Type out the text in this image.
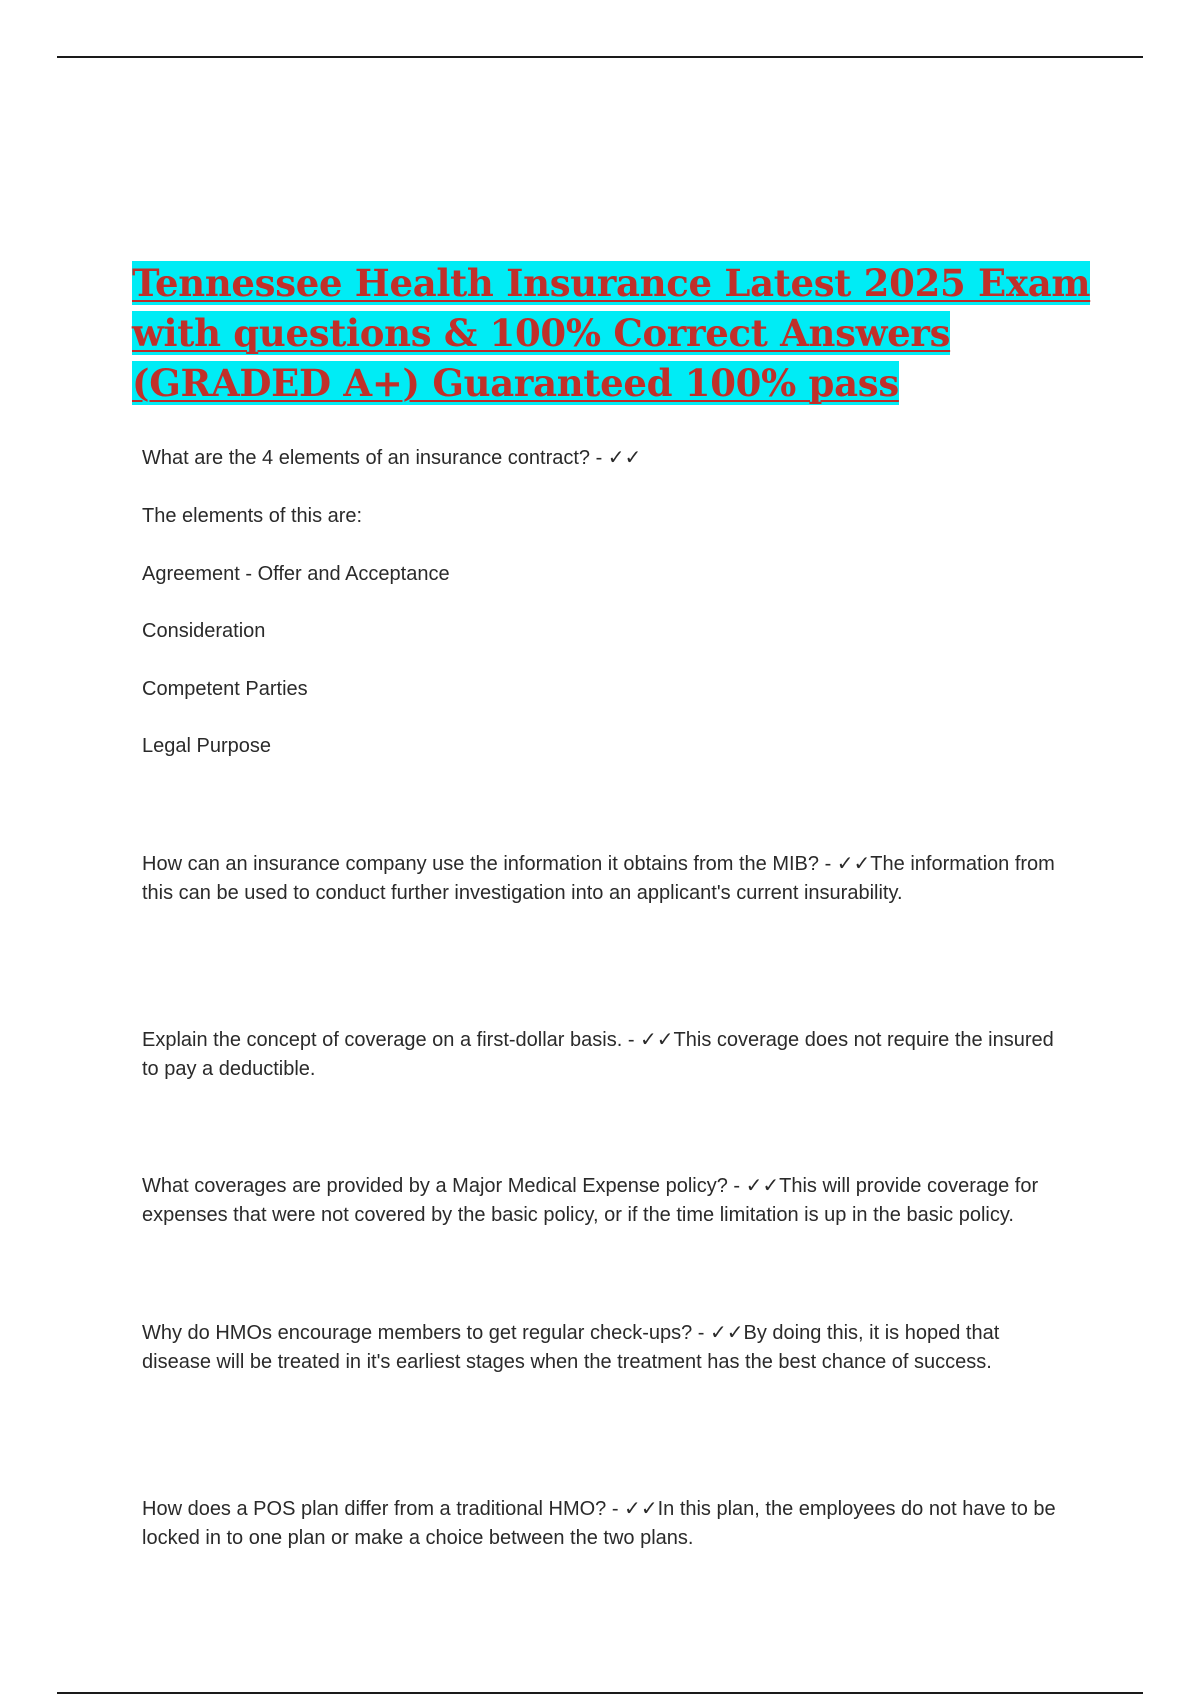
Tennessee Health Insurance Latest 2025 Exam
with questions & 100% Correct Answers
(GRADED A+) Guaranteed 100% pass

What are the 4 elements of an insurance contract? - ✓✓

The elements of this are:

Agreement - Offer and Acceptance

Consideration

Competent Parties

Legal Purpose

How can an insurance company use the information it obtains from the MIB? - ✓✓The information from this can be used to conduct further investigation into an applicant's current insurability.

Explain the concept of coverage on a first-dollar basis. - ✓✓This coverage does not require the insured to pay a deductible.

What coverages are provided by a Major Medical Expense policy? - ✓✓This will provide coverage for expenses that were not covered by the basic policy, or if the time limitation is up in the basic policy.

Why do HMOs encourage members to get regular check-ups? - ✓✓By doing this, it is hoped that disease will be treated in it's earliest stages when the treatment has the best chance of success.

How does a POS plan differ from a traditional HMO? - ✓✓In this plan, the employees do not have to be locked in to one plan or make a choice between the two plans.
